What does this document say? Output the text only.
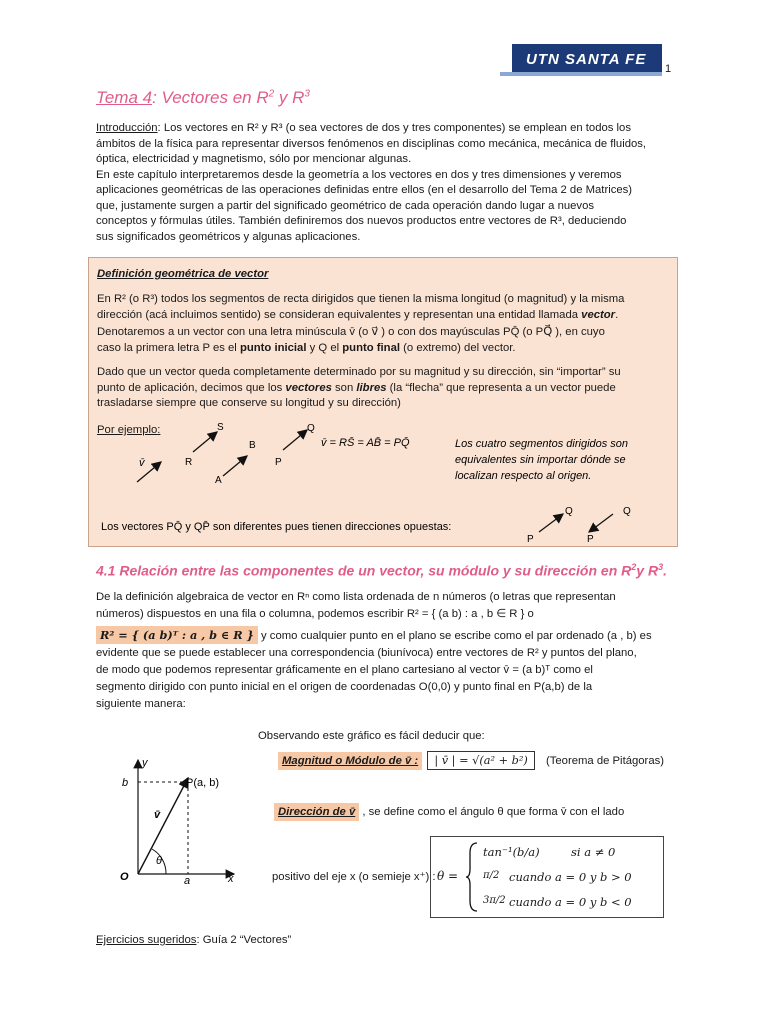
UTN SANTA FE
1
Tema 4: Vectores en $R^2$ y $R^3$
Introducción: Los vectores en R² y R³ (o sea vectores de dos y tres componentes) se emplean en todos los
ámbitos de la física para representar diversos fenómenos en disciplinas como mecánica, mecánica de fluidos,
óptica, electricidad y magnetismo, sólo por mencionar algunas.
En este capítulo interpretaremos desde la geometría a los vectores en dos y tres dimensiones y veremos
aplicaciones geométricas de las operaciones definidas entre ellos (en el desarrollo del Tema 2 de Matrices)
que, justamente surgen a partir del significado geométrico de cada operación dando lugar a nuevos
conceptos y fórmulas útiles. También definiremos dos nuevos productos entre vectores de R³, deduciendo
sus significados geométricos y algunas aplicaciones.
Definición geométrica de vector
En R² (o R³) todos los segmentos de recta dirigidos que tienen la misma longitud (o magnitud) y la misma
dirección (acá incluimos sentido) se consideran equivalentes y representan una entidad llamada vector.
Denotaremos a un vector con una letra minúscula v̄ (o v⃗ ) o con dos mayúsculas PQ̄ (o PQ⃗ ), en cuyo
caso la primera letra P es el punto inicial y Q el punto final (o extremo) del vector.
Dado que un vector queda completamente determinado por su magnitud y su dirección, sin “importar” su
punto de aplicación, decimos que los vectores son libres (la “flecha” que representa a un vector puede
trasladarse siempre que conserve su longitud y su dirección)
Por ejemplo:
v̄	R
S
A
B
P
Q
v̄ = RS̄ = AB̄ = PQ̄	Los cuatro segmentos dirigidos son
equivalentes sin importar dónde se
localizan respecto al origen.
Los vectores PQ̄ y QP̄ son diferentes pues tienen direcciones opuestas:
P
Q
P
Q
4.1 Relación entre las componentes de un vector, su módulo y su dirección en $R^2y$ $R^3$.
De la definición algebraica de vector en Rⁿ como lista ordenada de n números (o letras que representan
números) dispuestos en una fila o columna, podemos escribir R² = { (a b) : a , b ∈ R } o
R² = { (a b)ᵀ : a , b ∈ R } y como cualquier punto en el plano se escribe como el par ordenado (a , b) es
evidente que se puede establecer una correspondencia (biunívoca) entre vectores de R² y puntos del plano,
de modo que podemos representar gráficamente en el plano cartesiano al vector v̄ = (a b)ᵀ como el
segmento dirigido con punto inicial en el origen de coordenadas O(0,0) y punto final en P(a,b) de la
siguiente manera:
Observando este gráfico es fácil deducir que:
y
x
b
a
O
P(a, b)
v̄
θ
Magnitud o Módulo de v̄ : | v̄ | = √(a² + b²) (Teorema de Pitágoras)
Dirección de v̄ , se define como el ángulo θ que forma v̄ con el lado
positivo del eje x (o semieje x⁺) : θ =
tan⁻¹(b/a)	si a ≠ 0
π/2 cuando a = 0 y b > 0
3π/2 cuando a = 0 y b < 0
Ejercicios sugeridos: Guía 2 “Vectores”
